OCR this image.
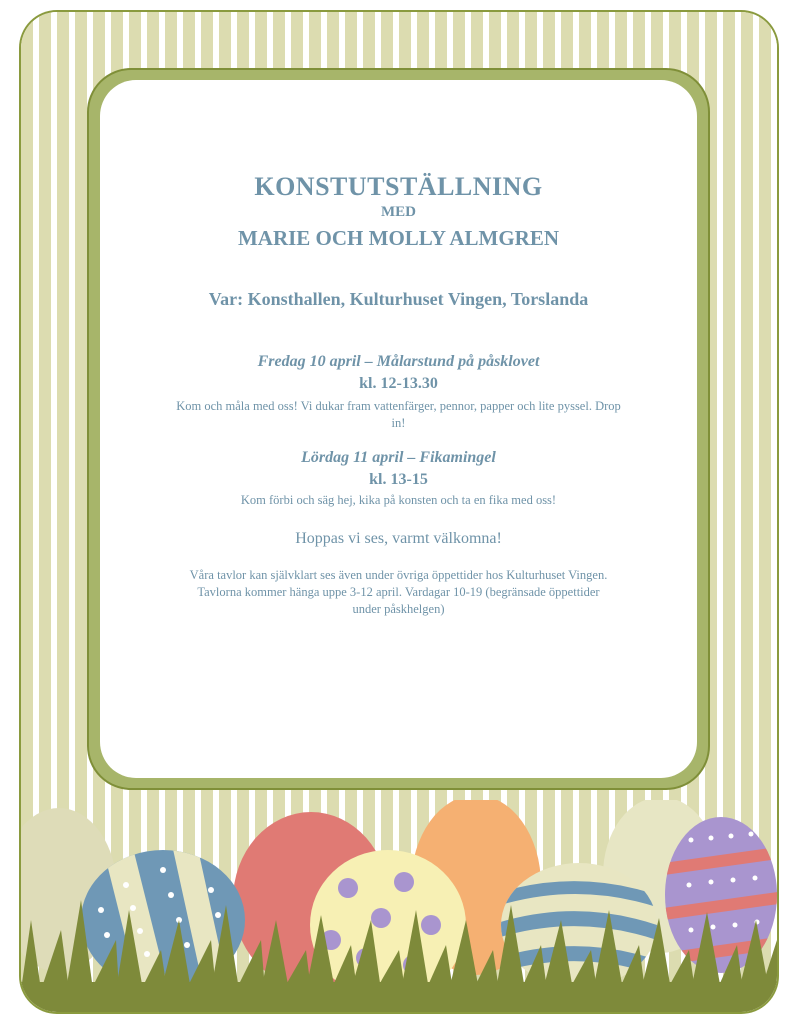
KONSTUTSTÄLLNING
MED
MARIE OCH MOLLY ALMGREN
Var: Konsthallen, Kulturhuset Vingen, Torslanda
Fredag 10 april – Målarstund på påsklovet
kl. 12-13.30
Kom och måla med oss! Vi dukar fram vattenfärger, pennor, papper och lite pyssel. Drop in!
Lördag 11 april – Fikamingel
kl. 13-15
Kom förbi och säg hej, kika på konsten och ta en fika med oss!
Hoppas vi ses, varmt välkomna!
Våra tavlor kan självklart ses även under övriga öppettider hos Kulturhuset Vingen. Tavlorna kommer hänga uppe 3-12 april. Vardagar 10-19 (begränsade öppettider under påskhelgen)
